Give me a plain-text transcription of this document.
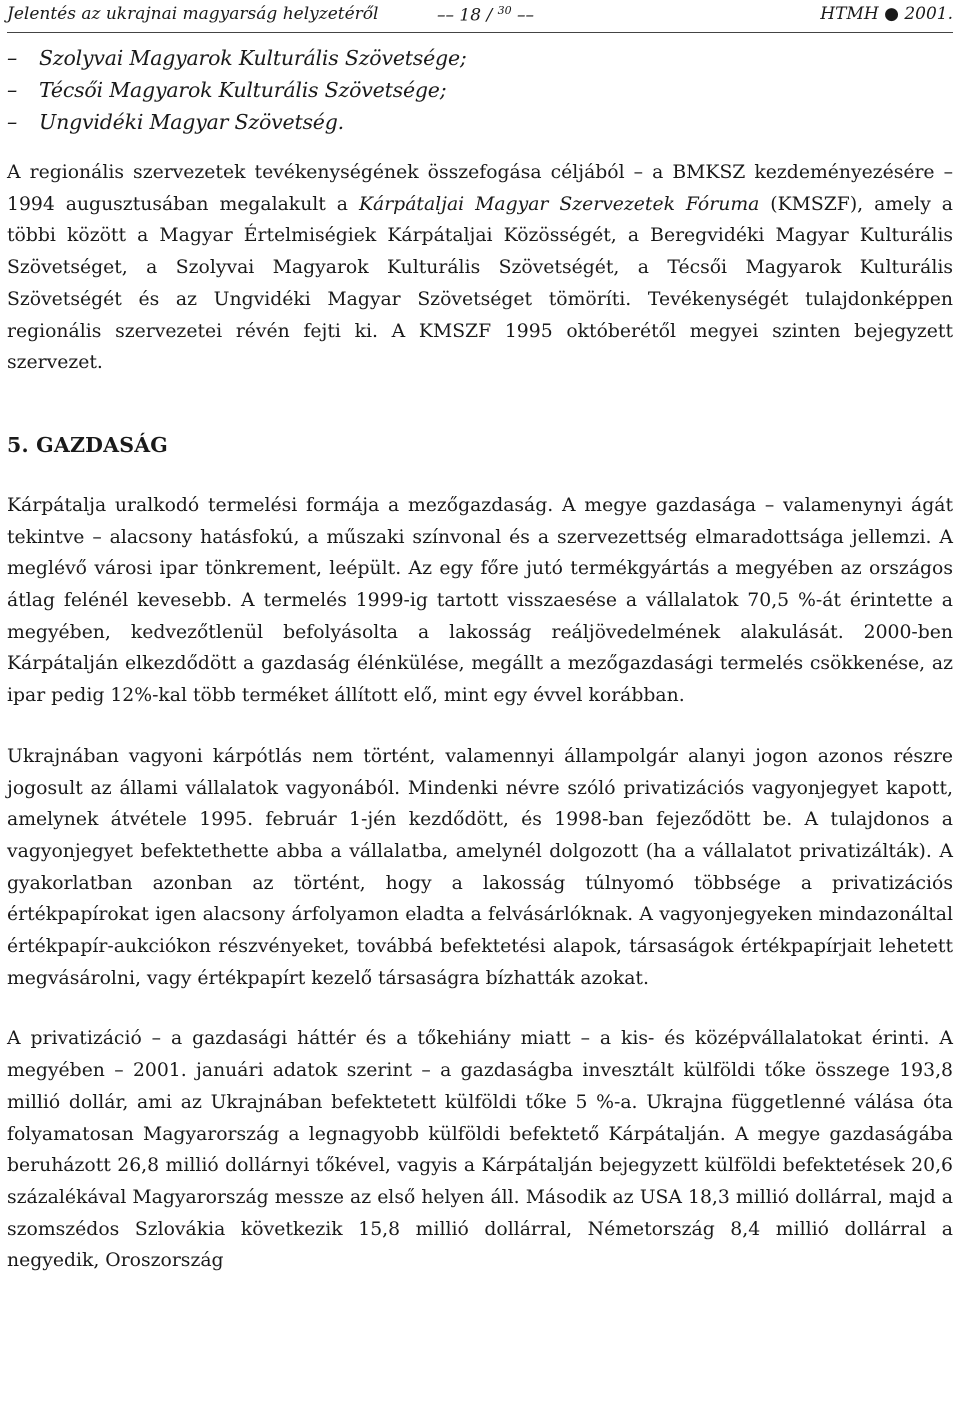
Jelentés az ukrajnai magyarság helyzetéről	–– 18 / $^{30}$ ––	HTMH ● 2001.
–	Szolyvai Magyarok Kulturális Szövetsége;
–	Técsői Magyarok Kulturális Szövetsége;
–	Ungvidéki Magyar Szövetség.

A regionális szervezetek tevékenységének összefogása céljából – a BMKSZ kezdeményezésére – 1994 augusztusában megalakult a Kárpátaljai Magyar Szervezetek Fóruma (KMSZF), amely a többi között a Magyar Értelmiségiek Kárpátaljai Közösségét, a Beregvidéki Magyar Kulturális Szövetséget, a Szolyvai Magyarok Kulturális Szövetségét, a Técsői Magyarok Kulturális Szövetségét és az Ungvidéki Magyar Szövetséget tömöríti. Tevékenységét tulajdonképpen regionális szervezetei révén fejti ki. A KMSZF 1995 októberétől megyei szinten bejegyzett szervezet.

5. GAZDASÁG

Kárpátalja uralkodó termelési formája a mezőgazdaság. A megye gazdasága – valamenynyi ágát tekintve – alacsony hatásfokú, a műszaki színvonal és a szervezettség elmaradottsága jellemzi. A meglévő városi ipar tönkrement, leépült. Az egy főre jutó termékgyártás a megyében az országos átlag felénél kevesebb. A termelés 1999-ig tartott visszaesése a vállalatok 70,5 %-át érintette a megyében, kedvezőtlenül befolyásolta a lakosság reáljövedelmének alakulását. 2000-ben Kárpátalján elkezdődött a gazdaság élénkülése, megállt a mezőgazdasági termelés csökkenése, az ipar pedig 12%-kal több terméket állított elő, mint egy évvel korábban.

Ukrajnában vagyoni kárpótlás nem történt, valamennyi állampolgár alanyi jogon azonos részre jogosult az állami vállalatok vagyonából. Mindenki névre szóló privatizációs vagyonjegyet kapott, amelynek átvétele 1995. február 1-jén kezdődött, és 1998-ban fejeződött be. A tulajdonos a vagyonjegyet befektethette abba a vállalatba, amelynél dolgozott (ha a vállalatot privatizálták). A gyakorlatban azonban az történt, hogy a lakosság túlnyomó többsége a privatizációs értékpapírokat igen alacsony árfolyamon eladta a felvásárlóknak. A vagyonjegyeken mindazonáltal értékpapír-aukciókon részvényeket, továbbá befektetési alapok, társaságok értékpapírjait lehetett megvásárolni, vagy értékpapírt kezelő társaságra bízhatták azokat.

A privatizáció – a gazdasági háttér és a tőkehiány miatt – a kis- és középvállalatokat érinti. A megyében – 2001. januári adatok szerint – a gazdaságba invesztált külföldi tőke összege 193,8 millió dollár, ami az Ukrajnában befektetett külföldi tőke 5 %-a. Ukrajna függetlenné válása óta folyamatosan Magyarország a legnagyobb külföldi befektető Kárpátalján. A megye gazdaságába beruházott 26,8 millió dollárnyi tőkével, vagyis a Kárpátalján bejegyzett külföldi befektetések 20,6 százalékával Magyarország messze az első helyen áll. Második az USA 18,3 millió dollárral, majd a szomszédos Szlovákia következik 15,8 millió dollárral, Németország 8,4 millió dollárral a negyedik, Oroszország
